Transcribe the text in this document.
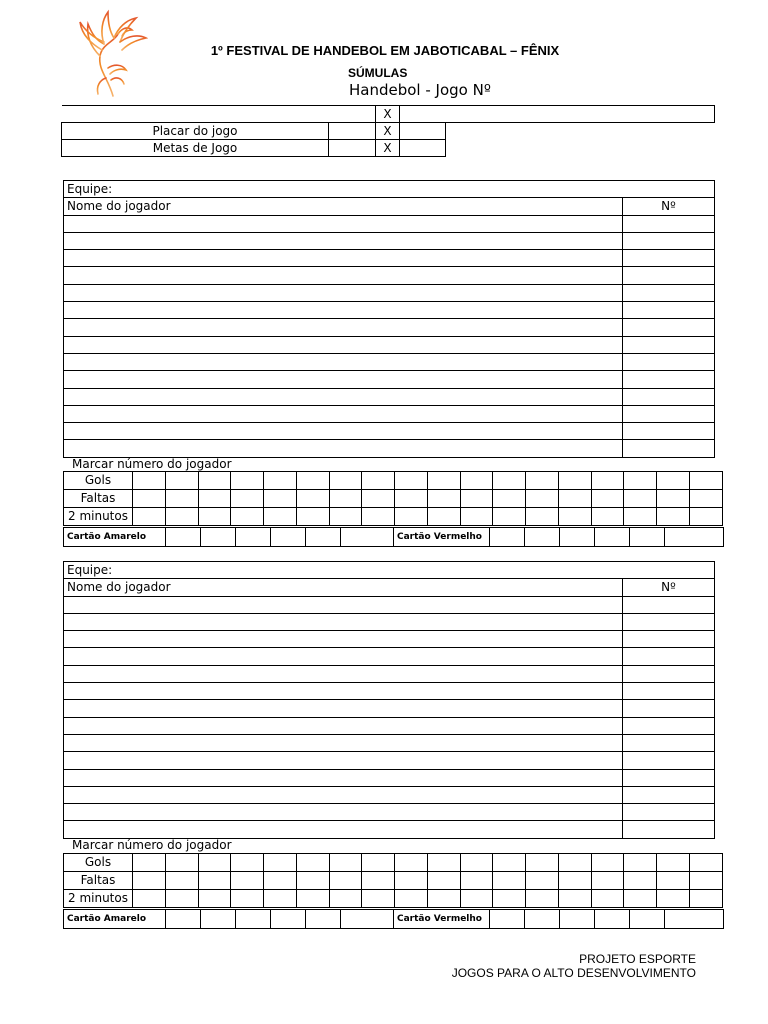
1º FESTIVAL DE HANDEBOL EM JABOTICABAL – FÊNIX
SÚMULAS
Handebol - Jogo Nº
		X		
Placar do jogo		X		
Metas de Jogo		X		
Equipe:	
Nome do jogador	Nº

Marcar número do jogador
Gols																		
Faltas																		
2 minutos																		
Cartão Amarelo							Cartão Vermelho						
Equipe:	
Nome do jogador	Nº

Marcar número do jogador
Gols																		
Faltas																		
2 minutos																		
Cartão Amarelo							Cartão Vermelho						
PROJETO ESPORTE
JOGOS PARA O ALTO DESENVOLVIMENTO
